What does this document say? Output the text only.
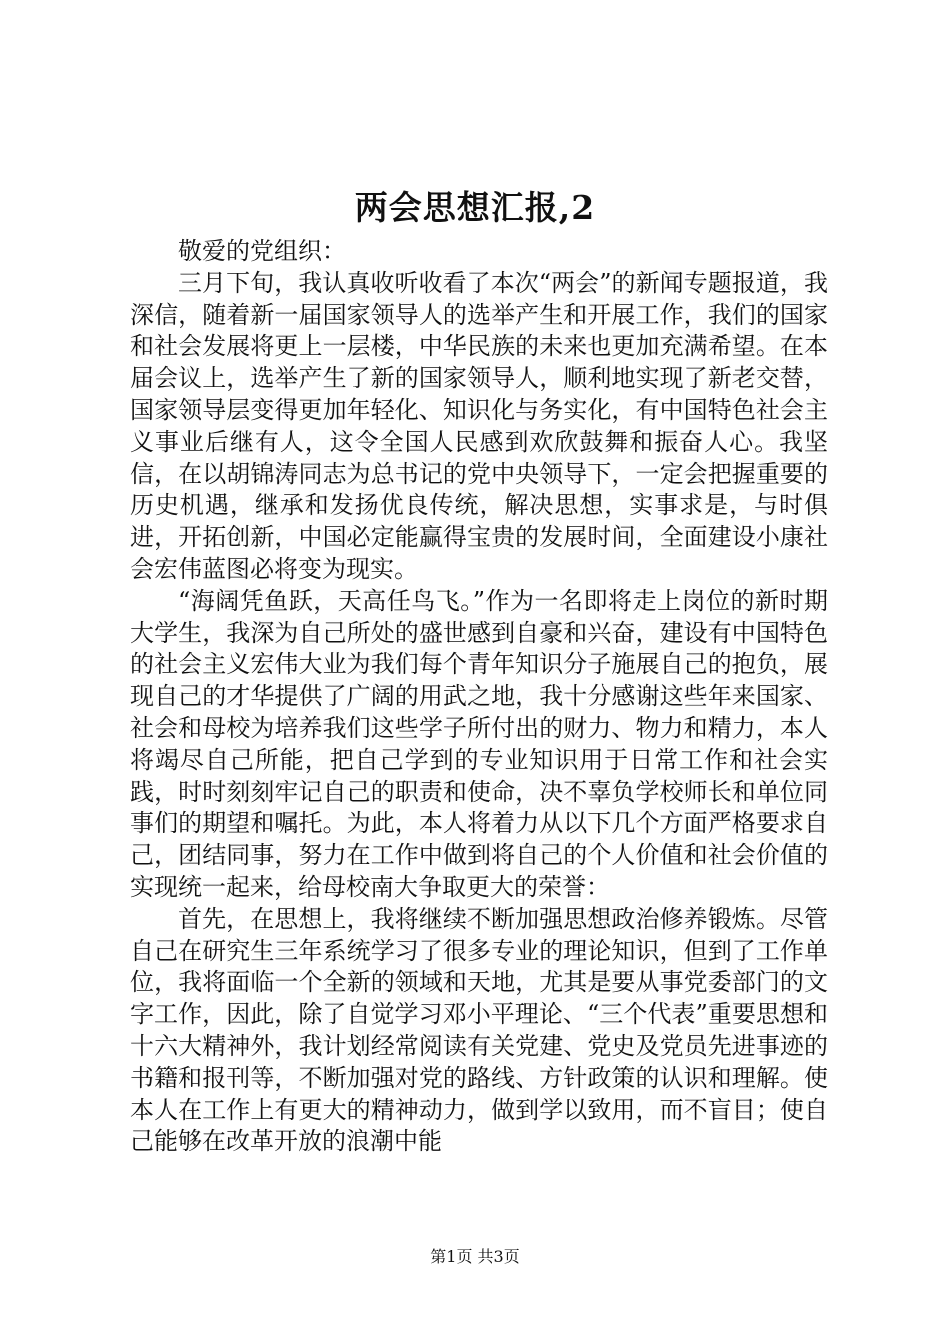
两会思想汇报,2

敬爱的党组织：

三月下旬，我认真收听收看了本次“两会”的新闻专题报道，我深信，随着新一届国家领导人的选举产生和开展工作，我们的国家和社会发展将更上一层楼，中华民族的未来也更加充满希望。在本届会议上，选举产生了新的国家领导人，顺利地实现了新老交替，国家领导层变得更加年轻化、知识化与务实化，有中国特色社会主义事业后继有人，这令全国人民感到欢欣鼓舞和振奋人心。我坚信，在以胡锦涛同志为总书记的党中央领导下，一定会把握重要的历史机遇，继承和发扬优良传统，解决思想，实事求是，与时俱进，开拓创新，中国必定能赢得宝贵的发展时间，全面建设小康社会宏伟蓝图必将变为现实。

“海阔凭鱼跃，天高任鸟飞。”作为一名即将走上岗位的新时期大学生，我深为自己所处的盛世感到自豪和兴奋，建设有中国特色的社会主义宏伟大业为我们每个青年知识分子施展自己的抱负，展现自己的才华提供了广阔的用武之地，我十分感谢这些年来国家、社会和母校为培养我们这些学子所付出的财力、物力和精力，本人将竭尽自己所能，把自己学到的专业知识用于日常工作和社会实践，时时刻刻牢记自己的职责和使命，决不辜负学校师长和单位同事们的期望和嘱托。为此，本人将着力从以下几个方面严格要求自己，团结同事，努力在工作中做到将自己的个人价值和社会价值的实现统一起来，给母校南大争取更大的荣誉：

首先，在思想上，我将继续不断加强思想政治修养锻炼。尽管自己在研究生三年系统学习了很多专业的理论知识，但到了工作单位，我将面临一个全新的领域和天地，尤其是要从事党委部门的文字工作，因此，除了自觉学习邓小平理论、“三个代表”重要思想和十六大精神外，我计划经常阅读有关党建、党史及党员先进事迹的书籍和报刊等，不断加强对党的路线、方针政策的认识和理解。使本人在工作上有更大的精神动力，做到学以致用，而不盲目；使自己能够在改革开放的浪潮中能

第1页 共3页
